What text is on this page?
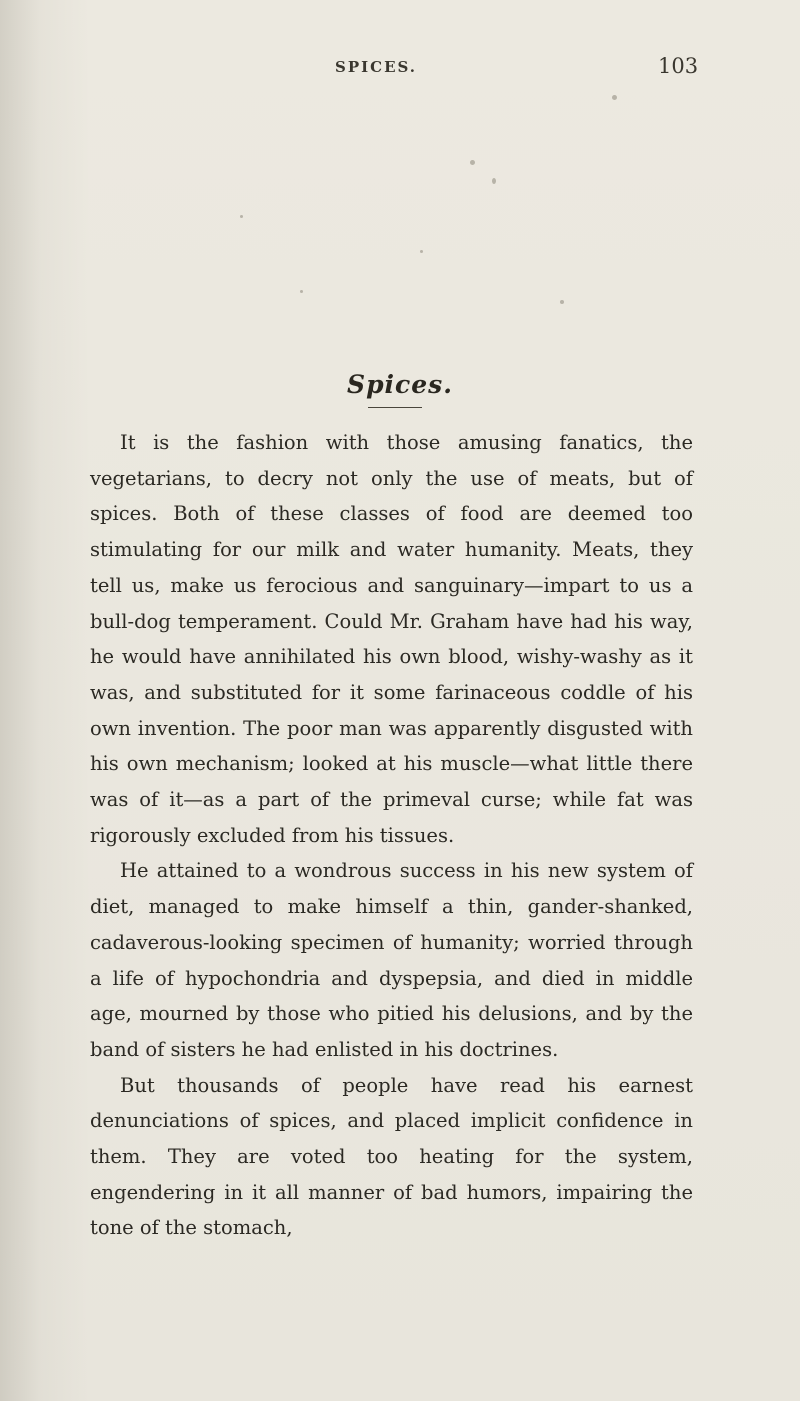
SPICES.	103
Spices.

It is the fashion with those amusing fanatics, the vegetarians, to decry not only the use of meats, but of spices. Both of these classes of food are deemed too stimulating for our milk and water humanity. Meats, they tell us, make us ferocious and sanguinary—impart to us a bull-dog temperament. Could Mr. Graham have had his way, he would have annihilated his own blood, wishy-washy as it was, and substituted for it some farinaceous coddle of his own invention. The poor man was apparently disgusted with his own mechanism; looked at his muscle—what little there was of it—as a part of the primeval curse; while fat was rigorously excluded from his tissues.

He attained to a wondrous success in his new system of diet, managed to make himself a thin, gander-shanked, cadaverous-looking specimen of humanity; worried through a life of hypochondria and dyspepsia, and died in middle age, mourned by those who pitied his delusions, and by the band of sisters he had enlisted in his doctrines.

But thousands of people have read his earnest denunciations of spices, and placed implicit confidence in them. They are voted too heating for the system, engendering in it all manner of bad humors, impairing the tone of the stomach,
